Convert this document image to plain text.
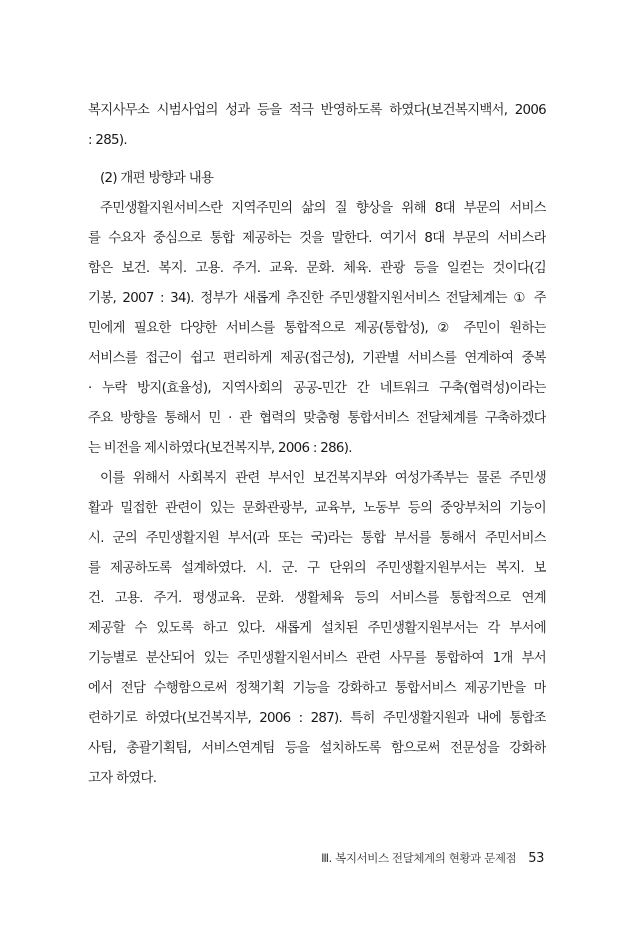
복지사무소 시범사업의 성과 등을 적극 반영하도록 하였다(보건복지백서, 2006
: 285).
(2) 개편 방향과 내용
주민생활지원서비스란 지역주민의 삶의 질 향상을 위해 8대 부문의 서비스
를 수요자 중심으로 통합 제공하는 것을 말한다. 여기서 8대 부문의 서비스라
함은 보건. 복지. 고용. 주거. 교육. 문화. 체육. 관광 등을 일컫는 것이다(김
기봉, 2007 : 34). 정부가 새롭게 추진한 주민생활지원서비스 전달체계는 ① 주
민에게 필요한 다양한 서비스를 통합적으로 제공(통합성), ② 주민이 원하는
서비스를 접근이 쉽고 편리하게 제공(접근성), 기관별 서비스를 연계하여 중복
· 누락 방지(효율성), 지역사회의 공공-민간 간 네트워크 구축(협력성)이라는
주요 방향을 통해서 민 · 관 협력의 맞춤형 통합서비스 전달체계를 구축하겠다
는 비전을 제시하였다(보건복지부, 2006 : 286).
이를 위해서 사회복지 관련 부서인 보건복지부와 여성가족부는 물론 주민생
활과 밀접한 관련이 있는 문화관광부, 교육부, 노동부 등의 중앙부처의 기능이
시. 군의 주민생활지원 부서(과 또는 국)라는 통합 부서를 통해서 주민서비스
를 제공하도록 설계하였다. 시. 군. 구 단위의 주민생활지원부서는 복지. 보
건. 고용. 주거. 평생교육. 문화. 생활체육 등의 서비스를 통합적으로 연계
제공할 수 있도록 하고 있다. 새롭게 설치된 주민생활지원부서는 각 부서에
기능별로 분산되어 있는 주민생활지원서비스 관련 사무를 통합하여 1개 부서
에서 전담 수행함으로써 정책기획 기능을 강화하고 통합서비스 제공기반을 마
련하기로 하였다(보건복지부, 2006 : 287). 특히 주민생활지원과 내에 통합조
사팀, 총괄기획팀, 서비스연계팀 등을 설치하도록 함으로써 전문성을 강화하
고자 하였다.
Ⅲ. 복지서비스 전달체계의 현황과 문제점 53
